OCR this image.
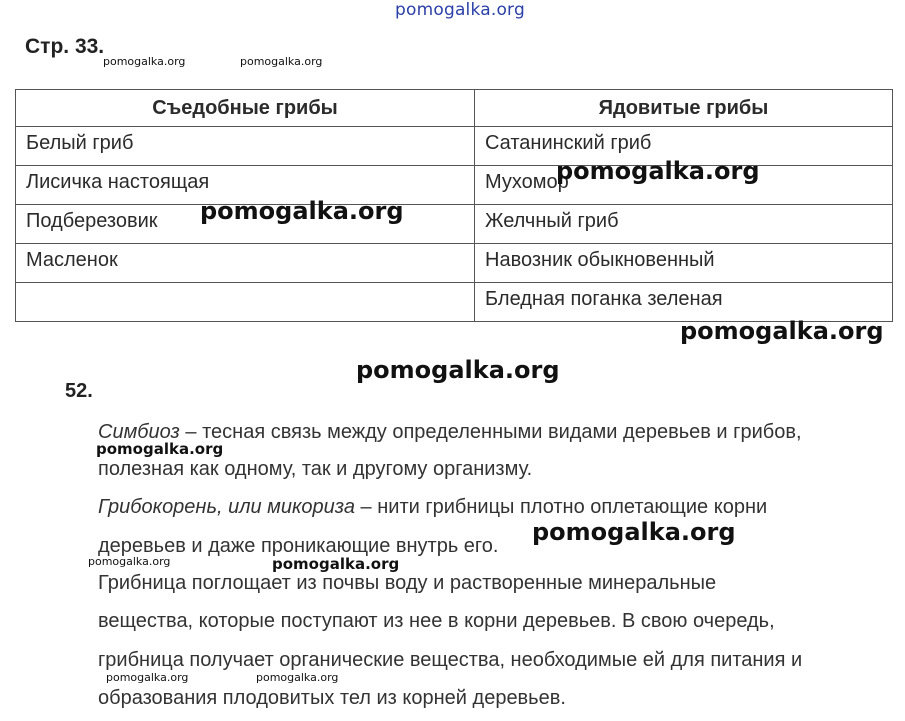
pomogalka.org
Стр. 33.
pomogalka.org	pomogalka.org
Съедобные грибы	Ядовитые грибы
Белый гриб	Сатанинский гриб
Лисичка настоящая	Мухомор
Подберезовик	Желчный гриб
Масленок	Навозник обыкновенный
	Бледная поганка зеленая
pomogalka.org
pomogalka.org
pomogalka.org
pomogalka.org
52.
Симбиоз – тесная связь между определенными видами деревьев и грибов,
pomogalka.org
полезная как одному, так и другому организму.
Грибокорень, или микориза – нити грибницы плотно оплетающие корни
деревьев и даже проникающие внутрь его. pomogalka.org
pomogalka.org	pomogalka.org
Грибница поглощает из почвы воду и растворенные минеральные
вещества, которые поступают из нее в корни деревьев. В свою очередь,
грибница получает органические вещества, необходимые ей для питания и
pomogalka.org	pomogalka.org
образования плодовитых тел из корней деревьев.
